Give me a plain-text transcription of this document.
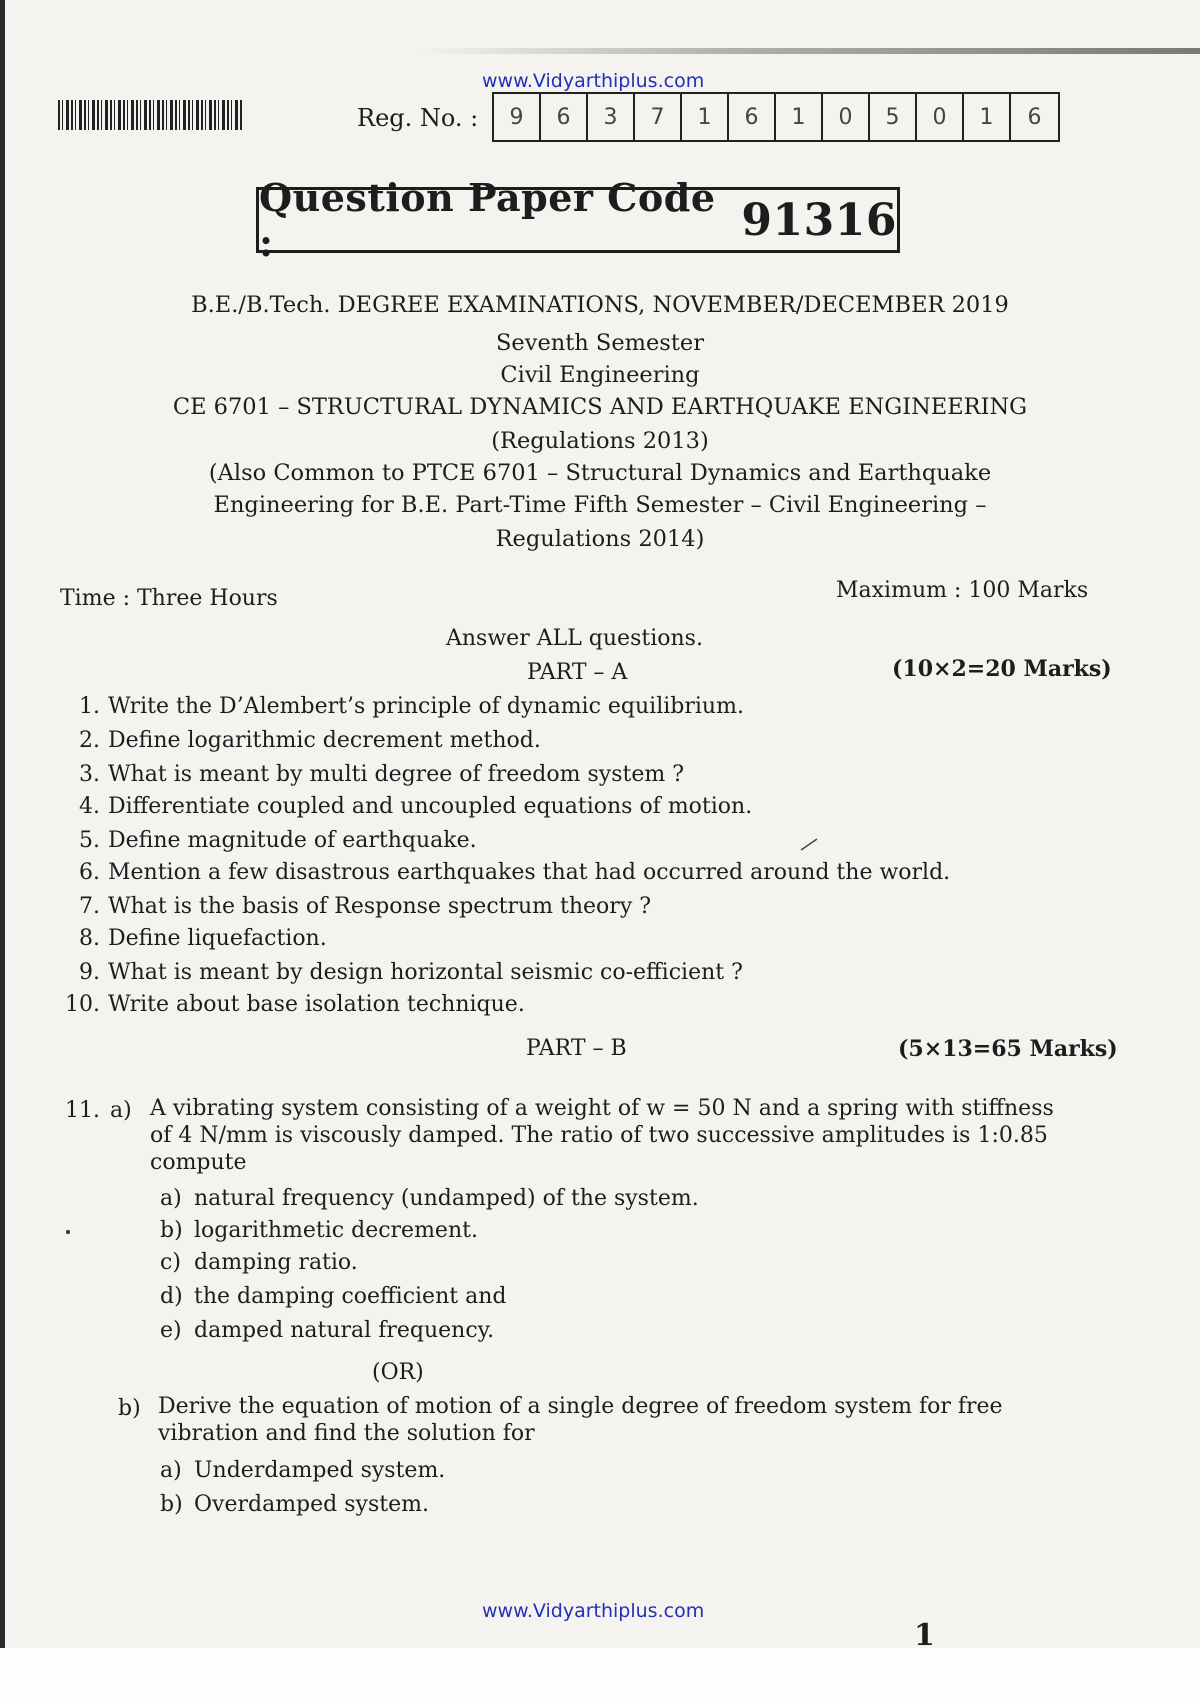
www.Vidyarthiplus.com
Reg. No. :	9	6	3	7	1	6	1	0	5	0	1	6
Question Paper Code :	91316
B.E./B.Tech. DEGREE EXAMINATIONS, NOVEMBER/DECEMBER 2019
Seventh Semester
Civil Engineering
CE 6701 – STRUCTURAL DYNAMICS AND EARTHQUAKE ENGINEERING
(Regulations 2013)
(Also Common to PTCE 6701 – Structural Dynamics and Earthquake
Engineering for B.E. Part-Time Fifth Semester – Civil Engineering –
Regulations 2014)
Time : Three Hours	Maximum : 100 Marks
Answer ALL questions.
PART – A	(10×2=20 Marks)
1. Write the D’Alembert’s principle of dynamic equilibrium.
2. Define logarithmic decrement method.
3. What is meant by multi degree of freedom system ?
4. Differentiate coupled and uncoupled equations of motion.
5. Define magnitude of earthquake.
6. Mention a few disastrous earthquakes that had occurred around the world.
7. What is the basis of Response spectrum theory ?
8. Define liquefaction.
9. What is meant by design horizontal seismic co-efficient ?
10. Write about base isolation technique.
PART – B	(5×13=65 Marks)
11. a) A vibrating system consisting of a weight of w = 50 N and a spring with stiffness of 4 N/mm is viscously damped. The ratio of two successive amplitudes is 1:0.85 compute
a) natural frequency (undamped) of the system.
b) logarithmetic decrement.
c) damping ratio.
d) the damping coefficient and
e) damped natural frequency.
(OR)
b) Derive the equation of motion of a single degree of freedom system for free vibration and find the solution for
a) Underdamped system.
b) Overdamped system.
www.Vidyarthiplus.com
1
